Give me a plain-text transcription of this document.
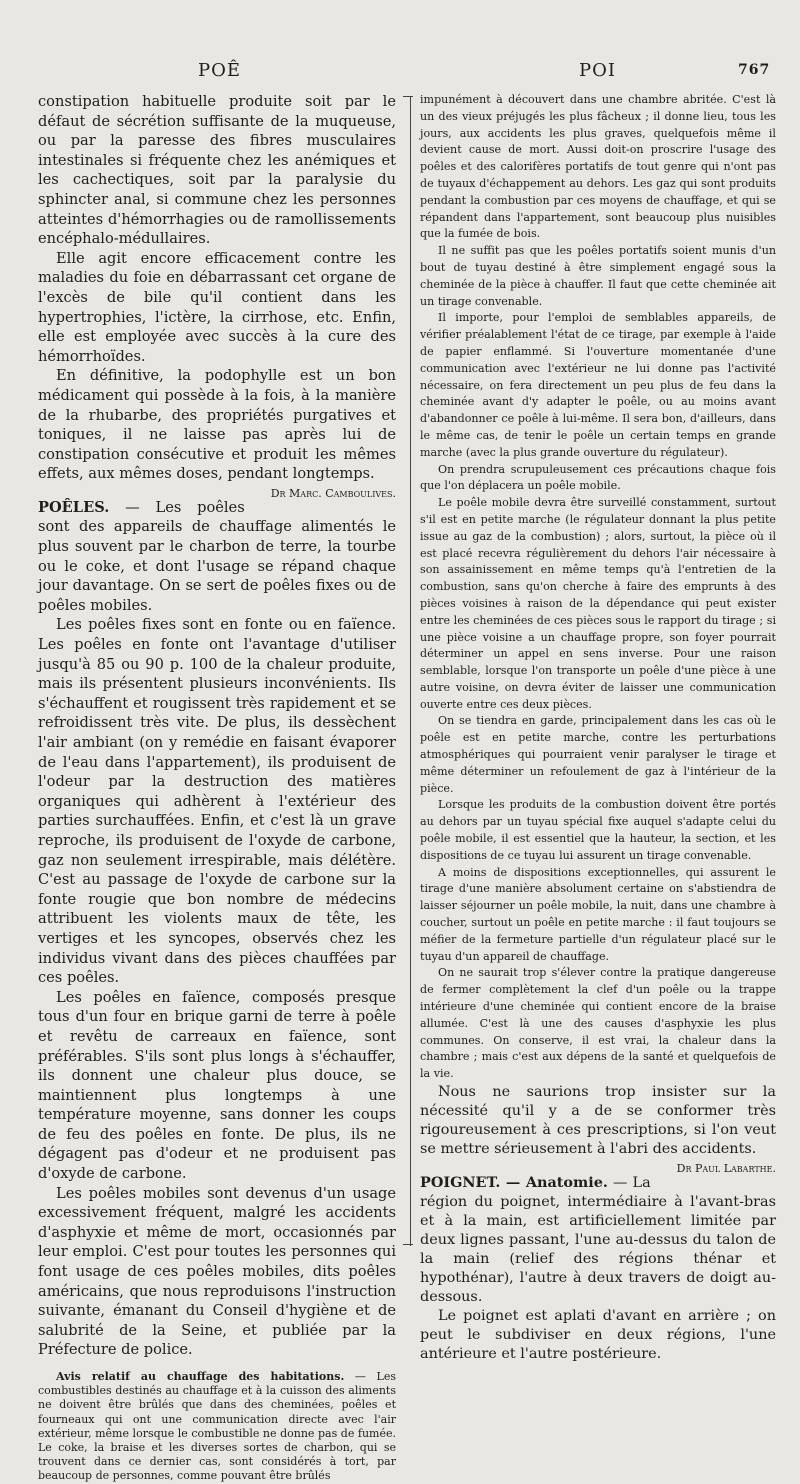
POÊ	POI	767

constipation habituelle produite soit par le défaut de sécrétion suffisante de la muqueuse, ou par la paresse des fibres musculaires intestinales si fréquente chez les anémiques et les cachectiques, soit par la paralysie du sphincter anal, si commune chez les personnes atteintes d'hémorrhagies ou de ramollissements encéphalo-médullaires.

Elle agit encore efficacement contre les maladies du foie en débarrassant cet organe de l'excès de bile qu'il contient dans les hypertrophies, l'ictère, la cirrhose, etc. Enfin, elle est employée avec succès à la cure des hémorrhoïdes.

En définitive, la podophylle est un bon médicament qui possède à la fois, à la manière de la rhubarbe, des propriétés purgatives et toniques, il ne laisse pas après lui de constipation consécutive et produit les mêmes effets, aux mêmes doses, pendant longtemps.
Dr Marc. Camboulives.

POÊLES. — Les poêles sont des appareils de chauffage alimentés le plus souvent par le charbon de terre, la tourbe ou le coke, et dont l'usage se répand chaque jour davantage. On se sert de poêles fixes ou de poêles mobiles.

Les poêles fixes sont en fonte ou en faïence. Les poêles en fonte ont l'avantage d'utiliser jusqu'à 85 ou 90 p. 100 de la chaleur produite, mais ils présentent plusieurs inconvénients. Ils s'échauffent et rougissent très rapidement et se refroidissent très vite. De plus, ils dessèchent l'air ambiant (on y remédie en faisant évaporer de l'eau dans l'appartement), ils produisent de l'odeur par la destruction des matières organiques qui adhèrent à l'extérieur des parties surchauffées. Enfin, et c'est là un grave reproche, ils produisent de l'oxyde de carbone, gaz non seulement irrespirable, mais délétère. C'est au passage de l'oxyde de carbone sur la fonte rougie que bon nombre de médecins attribuent les violents maux de tête, les vertiges et les syncopes, observés chez les individus vivant dans des pièces chauffées par ces poêles.

Les poêles en faïence, composés presque tous d'un four en brique garni de terre à poêle et revêtu de carreaux en faïence, sont préférables. S'ils sont plus longs à s'échauffer, ils donnent une chaleur plus douce, se maintiennent plus longtemps à une température moyenne, sans donner les coups de feu des poêles en fonte. De plus, ils ne dégagent pas d'odeur et ne produisent pas d'oxyde de carbone.

Les poêles mobiles sont devenus d'un usage excessivement fréquent, malgré les accidents d'asphyxie et même de mort, occasionnés par leur emploi. C'est pour toutes les personnes qui font usage de ces poêles mobiles, dits poêles américains, que nous reproduisons l'instruction suivante, émanant du Conseil d'hygiène et de salubrité de la Seine, et publiée par la Préfecture de police.

Avis relatif au chauffage des habitations. — Les combustibles destinés au chauffage et à la cuisson des aliments ne doivent être brûlés que dans des cheminées, poêles et fourneaux qui ont une communication directe avec l'air extérieur, même lorsque le combustible ne donne pas de fumée. Le coke, la braise et les diverses sortes de charbon, qui se trouvent dans ce dernier cas, sont considérés à tort, par beaucoup de personnes, comme pouvant être brûlés

impunément à découvert dans une chambre abritée. C'est là un des vieux préjugés les plus fâcheux ; il donne lieu, tous les jours, aux accidents les plus graves, quelquefois même il devient cause de mort. Aussi doit-on proscrire l'usage des poêles et des calorifères portatifs de tout genre qui n'ont pas de tuyaux d'échappement au dehors. Les gaz qui sont produits pendant la combustion par ces moyens de chauffage, et qui se répandent dans l'appartement, sont beaucoup plus nuisibles que la fumée de bois.

Il ne suffit pas que les poêles portatifs soient munis d'un bout de tuyau destiné à être simplement engagé sous la cheminée de la pièce à chauffer. Il faut que cette cheminée ait un tirage convenable.

Il importe, pour l'emploi de semblables appareils, de vérifier préalablement l'état de ce tirage, par exemple à l'aide de papier enflammé. Si l'ouverture momentanée d'une communication avec l'extérieur ne lui donne pas l'activité nécessaire, on fera directement un peu plus de feu dans la cheminée avant d'y adapter le poêle, ou au moins avant d'abandonner ce poêle à lui-même. Il sera bon, d'ailleurs, dans le même cas, de tenir le poêle un certain temps en grande marche (avec la plus grande ouverture du régulateur).

On prendra scrupuleusement ces précautions chaque fois que l'on déplacera un poêle mobile.

Le poêle mobile devra être surveillé constamment, surtout s'il est en petite marche (le régulateur donnant la plus petite issue au gaz de la combustion) ; alors, surtout, la pièce où il est placé recevra régulièrement du dehors l'air nécessaire à son assainissement en même temps qu'à l'entretien de la combustion, sans qu'on cherche à faire des emprunts à des pièces voisines à raison de la dépendance qui peut exister entre les cheminées de ces pièces sous le rapport du tirage ; si une pièce voisine a un chauffage propre, son foyer pourrait déterminer un appel en sens inverse. Pour une raison semblable, lorsque l'on transporte un poêle d'une pièce à une autre voisine, on devra éviter de laisser une communication ouverte entre ces deux pièces.

On se tiendra en garde, principalement dans les cas où le poêle est en petite marche, contre les perturbations atmosphériques qui pourraient venir paralyser le tirage et même déterminer un refoulement de gaz à l'intérieur de la pièce.

Lorsque les produits de la combustion doivent être portés au dehors par un tuyau spécial fixe auquel s'adapte celui du poêle mobile, il est essentiel que la hauteur, la section, et les dispositions de ce tuyau lui assurent un tirage convenable.

A moins de dispositions exceptionnelles, qui assurent le tirage d'une manière absolument certaine on s'abstiendra de laisser séjourner un poêle mobile, la nuit, dans une chambre à coucher, surtout un poêle en petite marche : il faut toujours se méfier de la fermeture partielle d'un régulateur placé sur le tuyau d'un appareil de chauffage.

On ne saurait trop s'élever contre la pratique dangereuse de fermer complètement la clef d'un poêle ou la trappe intérieure d'une cheminée qui contient encore de la braise allumée. C'est là une des causes d'asphyxie les plus communes. On conserve, il est vrai, la chaleur dans la chambre ; mais c'est aux dépens de la santé et quelquefois de la vie.

Nous ne saurions trop insister sur la nécessité qu'il y a de se conformer très rigoureusement à ces prescriptions, si l'on veut se mettre sérieusement à l'abri des accidents.
Dr Paul Labarthe.

POIGNET. — Anatomie. — La région du poignet, intermédiaire à l'avant-bras et à la main, est artificiellement limitée par deux lignes passant, l'une au-dessus du talon de la main (relief des régions thénar et hypothénar), l'autre à deux travers de doigt au-dessous.

Le poignet est aplati d'avant en arrière ; on peut le subdiviser en deux régions, l'une antérieure et l'autre postérieure.
